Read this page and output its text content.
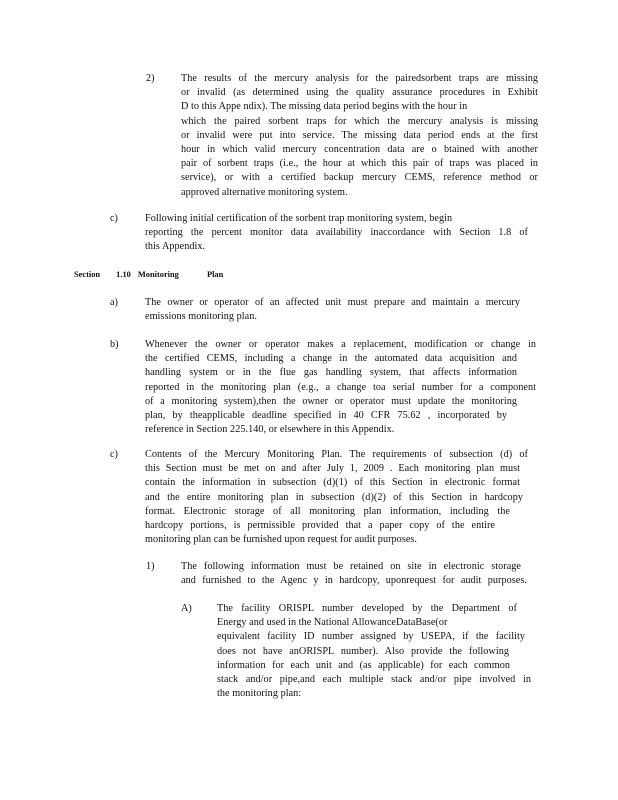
2)	The results of the mercury analysis for the pairedsorbent traps are missing
or invalid (as determined using the quality assurance procedures in Exhibit
D to this Appe ndix). The missing data period begins with the hour in
which the paired sorbent traps for which the mercury analysis is missing
or invalid were put into service. The missing data period ends at the first
hour in which valid mercury concentration data are o btained with another
pair of sorbent traps (i.e., the hour at which this pair of traps was placed in
service), or with a certified backup mercury CEMS, reference method or
approved alternative monitoring system.
c)	Following initial certification of the sorbent trap monitoring system, begin
reporting the percent monitor data availability inaccordance with Section 1.8 of
this Appendix.
Section 1.10 Monitoring	Plan
a)	The owner or operator of an affected unit must prepare and maintain a mercury
emissions monitoring plan.
b)	Whenever the owner or operator makes a replacement, modification or change in
the certified CEMS, including a change in the automated data acquisition and
handling system or in the flue gas handling system, that affects information
reported in the monitoring plan (e.g., a change toa serial number for a component
of a monitoring system),then the owner or operator must update the monitoring
plan, by theapplicable deadline specified in 40 CFR 75.62 , incorporated by
reference in Section 225.140, or elsewhere in this Appendix.
c)	Contents of the Mercury Monitoring Plan. The requirements of subsection (d) of
this Section must be met on and after July 1, 2009 . Each monitoring plan must
contain the information in subsection (d)(1) of this Section in electronic format
and the entire monitoring plan in subsection (d)(2) of this Section in hardcopy
format. Electronic storage of all monitoring plan information, including the
hardcopy portions, is permissible provided that a paper copy of the entire
monitoring plan can be furnished upon request for audit purposes.
1)	The following information must be retained on site in electronic storage
and furnished to the Agenc y in hardcopy, uponrequest for audit purposes.
A) The facility ORISPL number developed by the Department of
Energy and used in the National AllowanceDataBase(or
equivalent facility ID number assigned by USEPA, if the facility
does not have anORISPL number). Also provide the following
information for each unit and (as applicable) for each common
stack and/or pipe,and each multiple stack and/or pipe involved in
the monitoring plan:
